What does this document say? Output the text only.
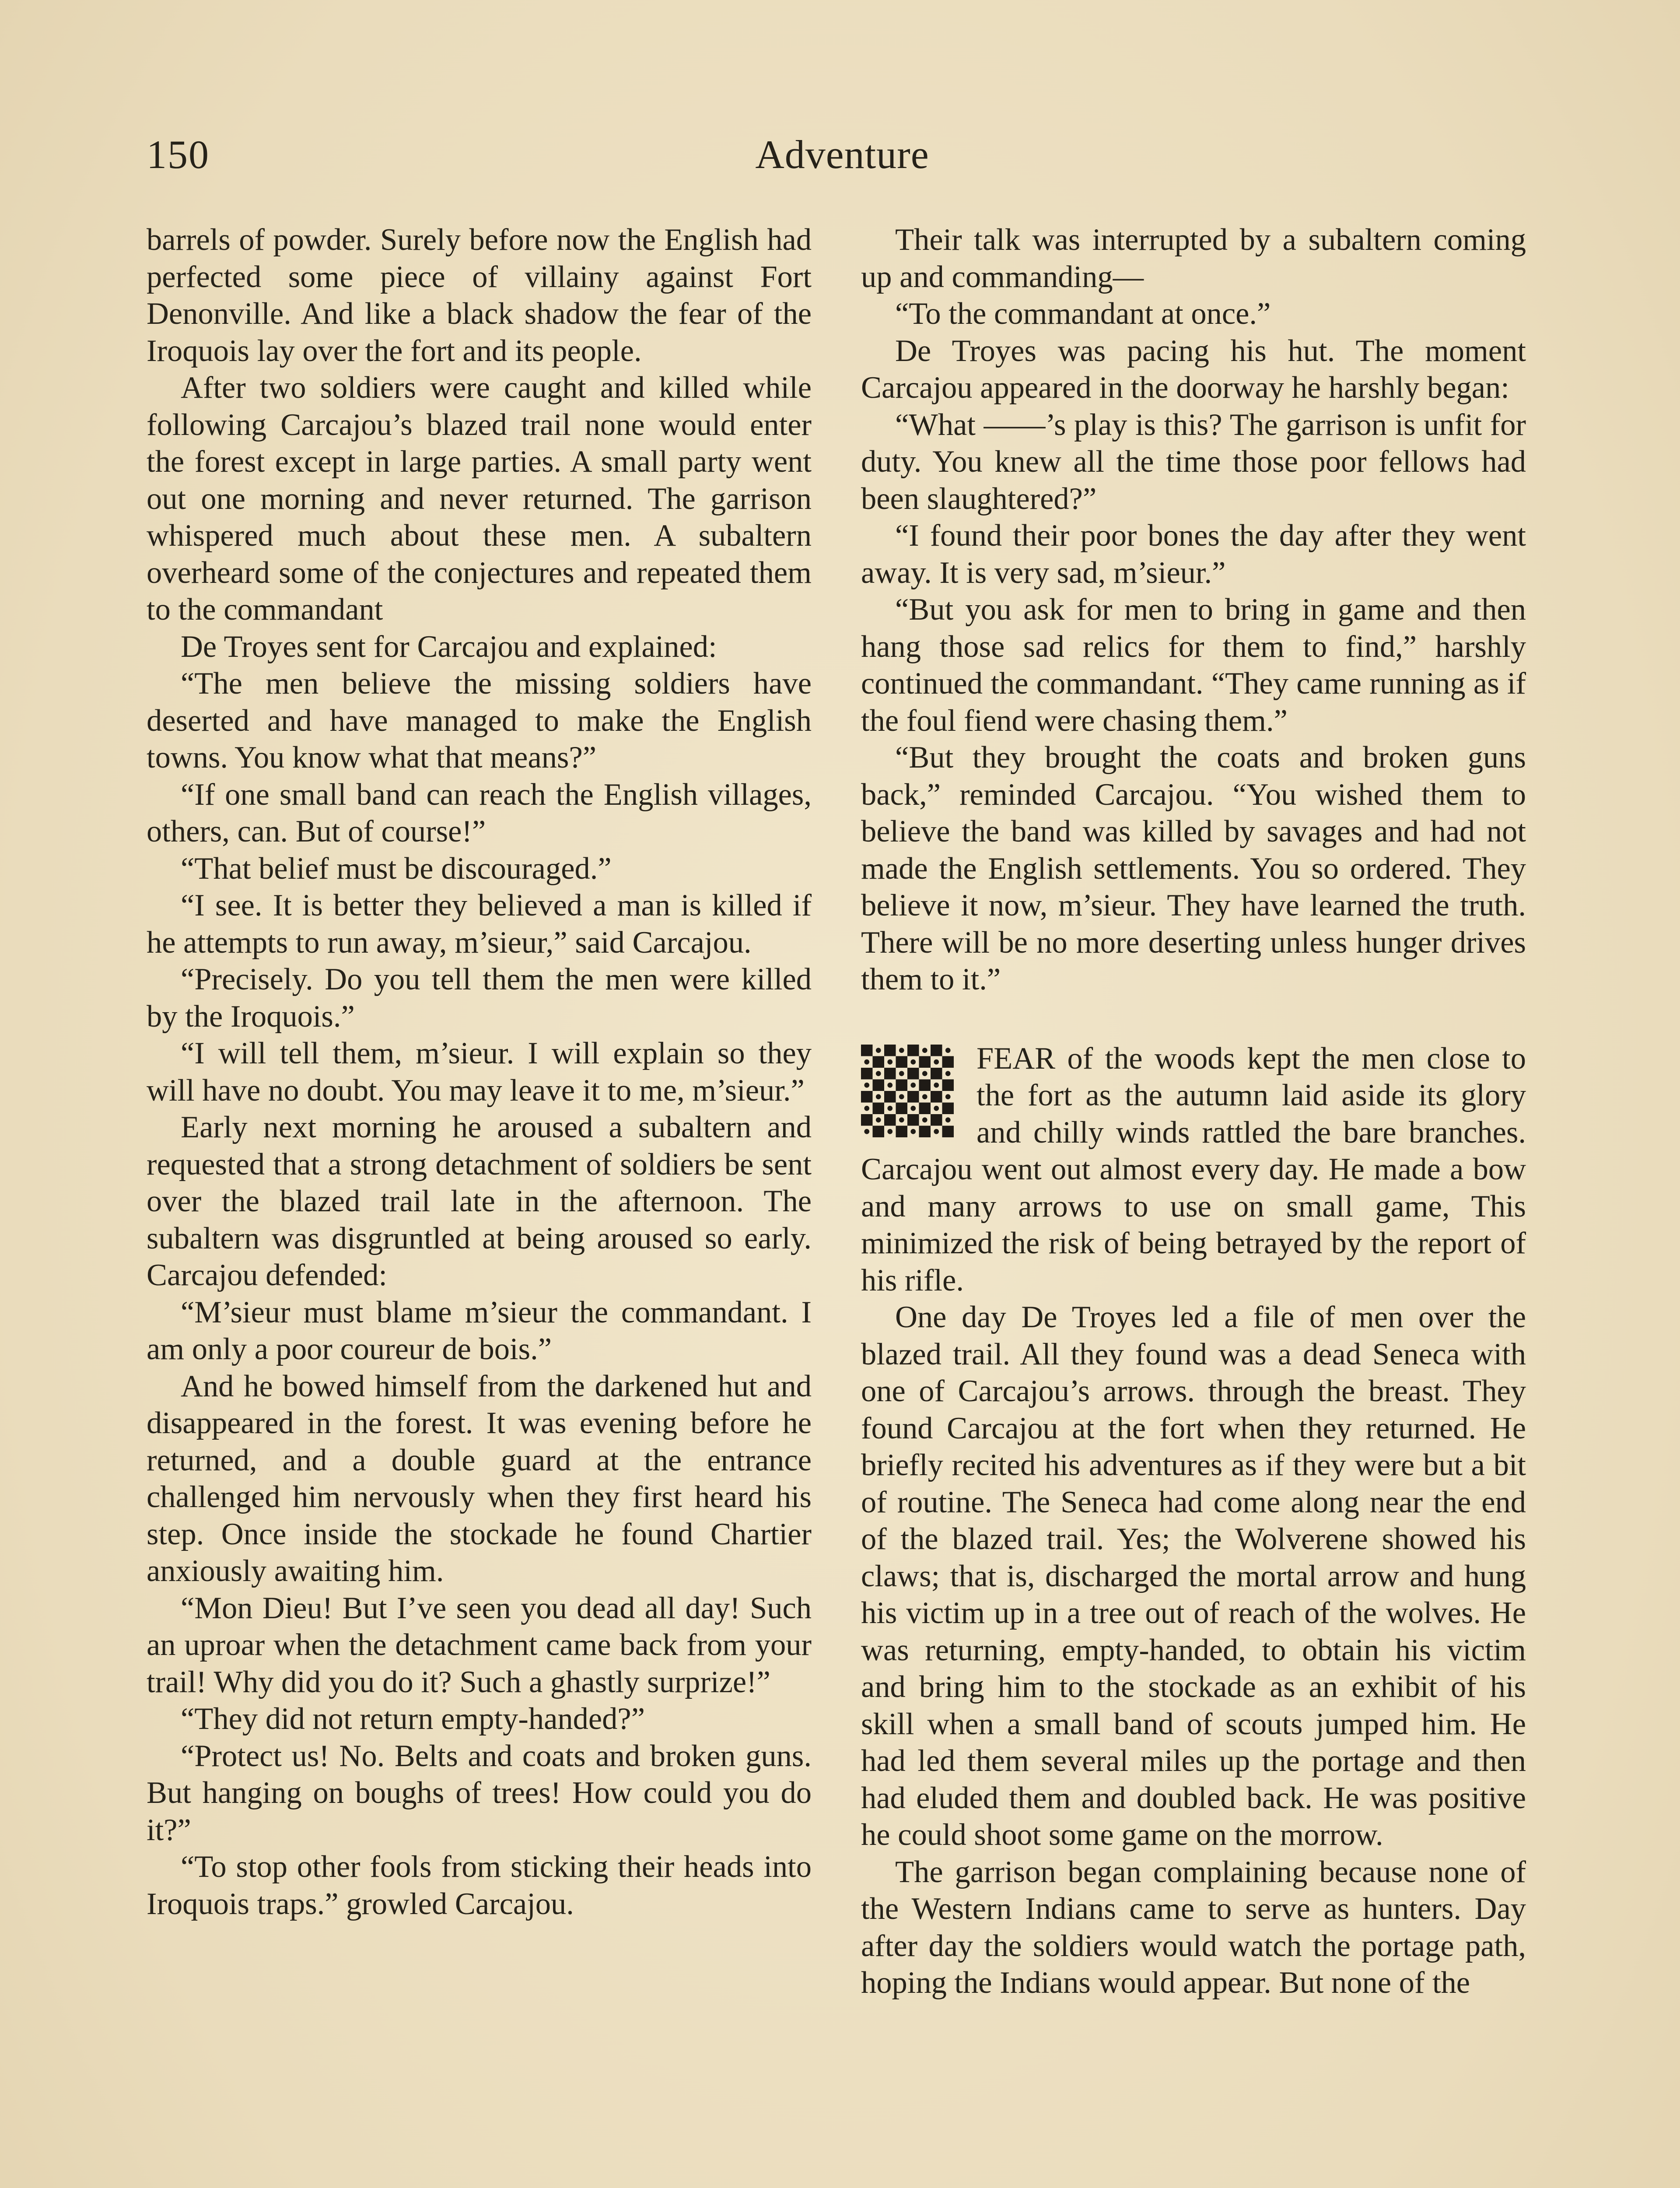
150	Adventure

barrels of powder. Surely before now the English had perfected some piece of villainy against Fort Denonville. And like a black shadow the fear of the Iroquois lay over the fort and its people.

After two soldiers were caught and killed while following Carcajou’s blazed trail none would enter the forest except in large parties. A small party went out one morning and never returned. The garrison whispered much about these men. A subaltern overheard some of the conjectures and repeated them to the commandant

De Troyes sent for Carcajou and explained:

“The men believe the missing soldiers have deserted and have managed to make the English towns. You know what that means?”

“If one small band can reach the English villages, others, can. But of course!”

“That belief must be discouraged.”

“I see. It is better they believed a man is killed if he attempts to run away, m’sieur,” said Carcajou.

“Precisely. Do you tell them the men were killed by the Iroquois.”

“I will tell them, m’sieur. I will explain so they will have no doubt. You may leave it to me, m’sieur.”

Early next morning he aroused a subaltern and requested that a strong detachment of soldiers be sent over the blazed trail late in the afternoon. The subaltern was disgruntled at being aroused so early. Carcajou defended:

“M’sieur must blame m’sieur the commandant. I am only a poor coureur de bois.”

And he bowed himself from the darkened hut and disappeared in the forest. It was evening before he returned, and a double guard at the entrance challenged him nervously when they first heard his step. Once inside the stockade he found Chartier anxiously awaiting him.

“Mon Dieu! But I’ve seen you dead all day! Such an uproar when the detachment came back from your trail! Why did you do it? Such a ghastly surprize!”

“They did not return empty-handed?”

“Protect us! No. Belts and coats and broken guns. But hanging on boughs of trees! How could you do it?”

“To stop other fools from sticking their heads into Iroquois traps.” growled Carcajou.

Their talk was interrupted by a subaltern coming up and commanding—

“To the commandant at once.”

De Troyes was pacing his hut. The moment Carcajou appeared in the doorway he harshly began:

“What ——’s play is this? The garrison is unfit for duty. You knew all the time those poor fellows had been slaughtered?”

“I found their poor bones the day after they went away. It is very sad, m’sieur.”

“But you ask for men to bring in game and then hang those sad relics for them to find,” harshly continued the commandant. “They came running as if the foul fiend were chasing them.”

“But they brought the coats and broken guns back,” reminded Carcajou. “You wished them to believe the band was killed by savages and had not made the English settlements. You so ordered. They believe it now, m’sieur. They have learned the truth. There will be no more deserting unless hunger drives them to it.”

FEAR of the woods kept the men close to the fort as the autumn laid aside its glory and chilly winds rattled the bare branches. Carcajou went out almost every day. He made a bow and many arrows to use on small game, This minimized the risk of being betrayed by the report of his rifle.

One day De Troyes led a file of men over the blazed trail. All they found was a dead Seneca with one of Carcajou’s arrows. through the breast. They found Carcajou at the fort when they returned. He briefly recited his adventures as if they were but a bit of routine. The Seneca had come along near the end of the blazed trail. Yes; the Wolverene showed his claws; that is, discharged the mortal arrow and hung his victim up in a tree out of reach of the wolves. He was returning, empty-handed, to obtain his victim and bring him to the stockade as an exhibit of his skill when a small band of scouts jumped him. He had led them several miles up the portage and then had eluded them and doubled back. He was positive he could shoot some game on the morrow.

The garrison began complaining because none of the Western Indians came to serve as hunters. Day after day the soldiers would watch the portage path, hoping the Indians would appear. But none of the
